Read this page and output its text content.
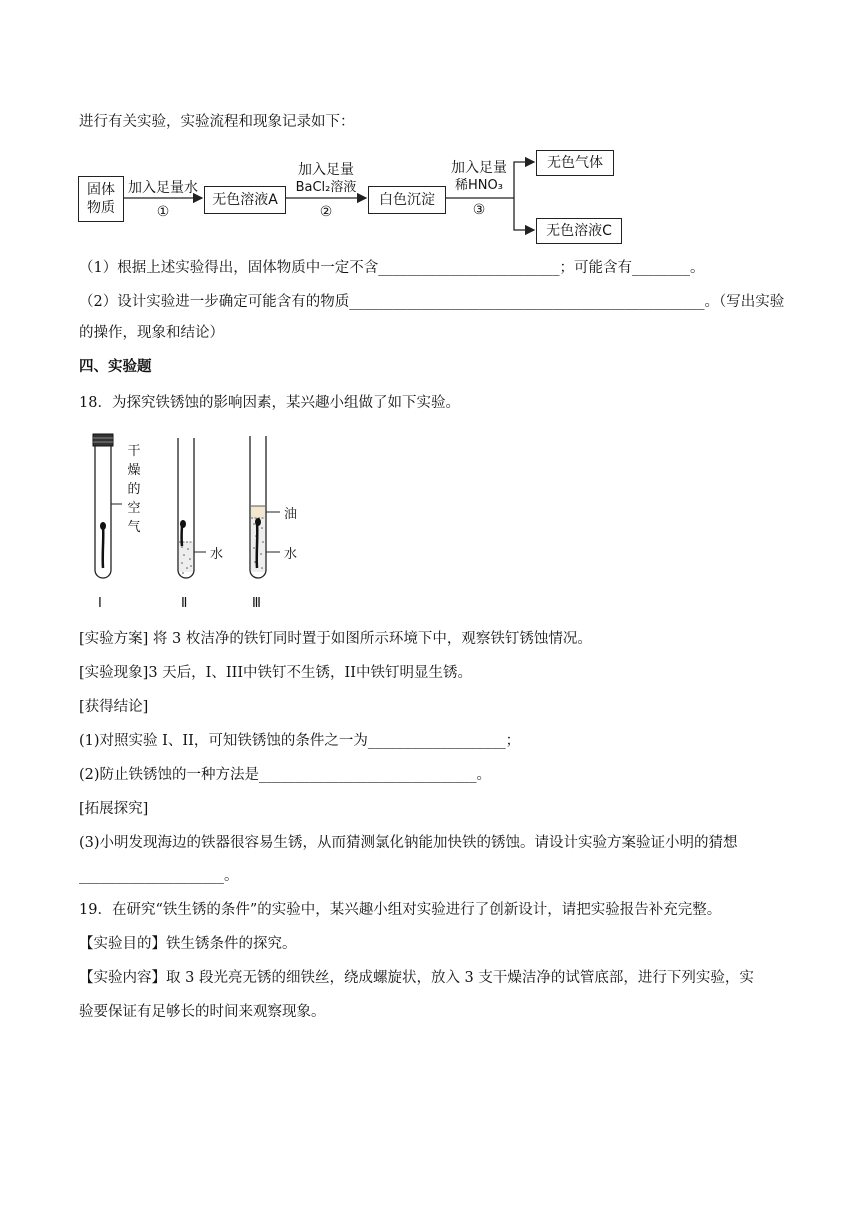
进行有关实验，实验流程和现象记录如下：
固体
物质
加入足量水
①
无色溶液A
加入足量
BaCl₂溶液
②
白色沉淀
加入足量
稀HNO₃
③
无色气体
无色溶液C
（1）根据上述实验得出，固体物质中一定不含_________________________；可能含有________。
（2）设计实验进一步确定可能含有的物质_________________________________________________。（写出实验
的操作，现象和结论）
四、实验题
18．为探究铁锈蚀的影响因素，某兴趣小组做了如下实验。
干
燥
的
空
气
水
油
水
Ⅰ	Ⅱ	Ⅲ
[实验方案] 将 3 枚洁净的铁钉同时置于如图所示环境下中，观察铁钉锈蚀情况。
[实验现象]3 天后，I、III中铁钉不生锈，II中铁钉明显生锈。
[获得结论]
(1)对照实验 I、II，可知铁锈蚀的条件之一为___________________；
(2)防止铁锈蚀的一种方法是______________________________。
[拓展探究]
(3)小明发现海边的铁器很容易生锈，从而猜测氯化钠能加快铁的锈蚀。请设计实验方案验证小明的猜想
____________________。
19．在研究“铁生锈的条件”的实验中，某兴趣小组对实验进行了创新设计，请把实验报告补充完整。
【实验目的】铁生锈条件的探究。
【实验内容】取 3 段光亮无锈的细铁丝，绕成螺旋状，放入 3 支干燥洁净的试管底部，进行下列实验，实
验要保证有足够长的时间来观察现象。
